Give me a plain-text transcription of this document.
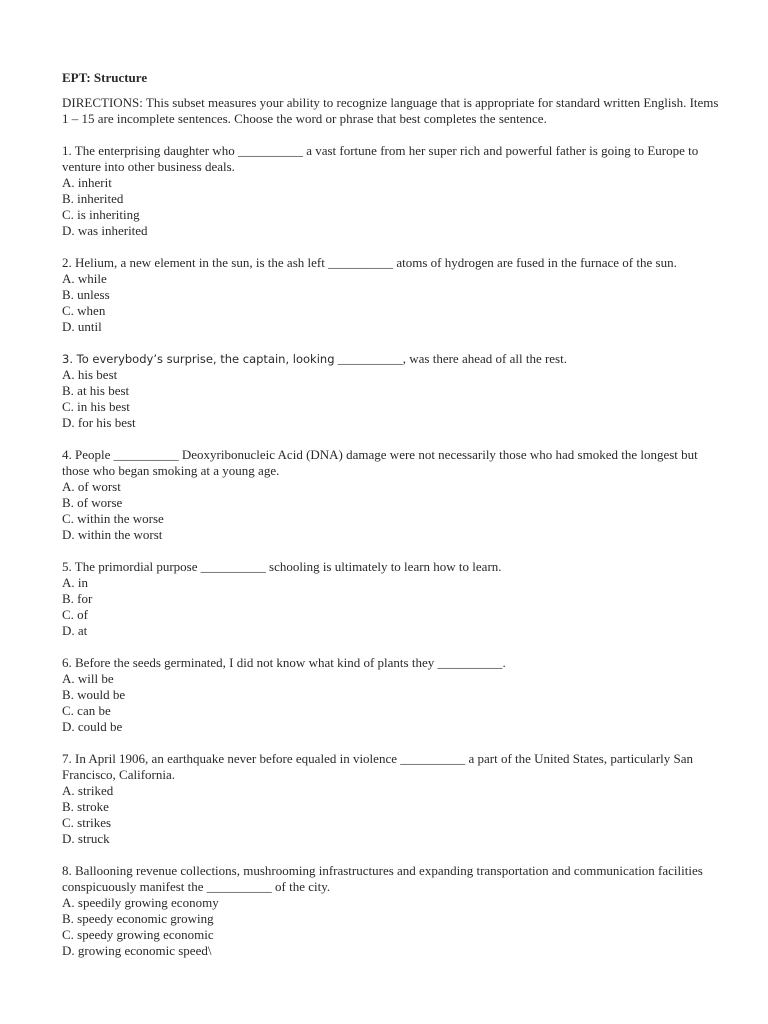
EPT: Structure
DIRECTIONS: This subset measures your ability to recognize language that is appropriate for standard written English. Items 1 – 15 are incomplete sentences. Choose the word or phrase that best completes the sentence.
1. The enterprising daughter who __________ a vast fortune from her super rich and powerful father is going to Europe to venture into other business deals.
A. inherit
B. inherited
C. is inheriting
D. was inherited
2. Helium, a new element in the sun, is the ash left __________ atoms of hydrogen are fused in the furnace of the sun.
A. while
B. unless
C. when
D. until
3. To everybody’s surprise, the captain, looking __________, was there ahead of all the rest.
A. his best
B. at his best
C. in his best
D. for his best
4. People __________ Deoxyribonucleic Acid (DNA) damage were not necessarily those who had smoked the longest but those who began smoking at a young age.
A. of worst
B. of worse
C. within the worse
D. within the worst
5. The primordial purpose __________ schooling is ultimately to learn how to learn.
A. in
B. for
C. of
D. at
6. Before the seeds germinated, I did not know what kind of plants they __________.
A. will be
B. would be
C. can be
D. could be
7. In April 1906, an earthquake never before equaled in violence __________ a part of the United States, particularly San Francisco, California.
A. striked
B. stroke
C. strikes
D. struck
8. Ballooning revenue collections, mushrooming infrastructures and expanding transportation and communication facilities conspicuously manifest the __________ of the city.
A. speedily growing economy
B. speedy economic growing
C. speedy growing economic
D. growing economic speed\
